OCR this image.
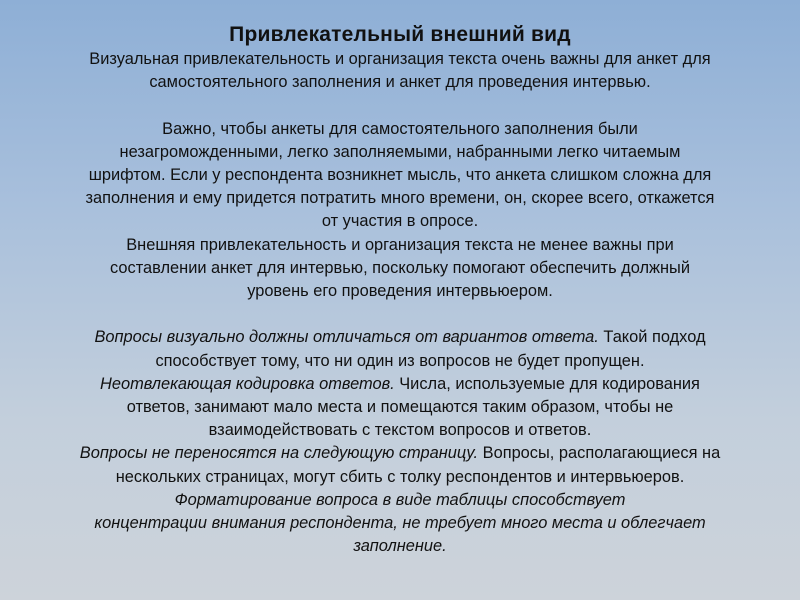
Привлекательный внешний вид
Визуальная привлекательность и организация текста очень важны для анкет для
самостоятельного заполнения и анкет для проведения интервью.
Важно, чтобы анкеты для самостоятельного заполнения были
незагроможденными, легко заполняемыми, набранными легко читаемым
шрифтом. Если у респондента возникнет мысль, что анкета слишком сложна для
заполнения и ему придется потратить много времени, он, скорее всего, откажется
от участия в опросе.
Внешняя привлекательность и организация текста не менее важны при
составлении анкет для интервью, поскольку помогают обеспечить должный
уровень его проведения интервьюером.
Вопросы визуально должны отличаться от вариантов ответа. Такой подход
способствует тому, что ни один из вопросов не будет пропущен.
Неотвлекающая кодировка ответов. Числа, используемые для кодирования
ответов, занимают мало места и помещаются таким образом, чтобы не
взаимодействовать с текстом вопросов и ответов.
Вопросы не переносятся на следующую страницу. Вопросы, располагающиеся на
нескольких страницах, могут сбить с толку респондентов и интервьюеров.
Форматирование вопроса в виде таблицы способствует
концентрации внимания респондента, не требует много места и облегчает
заполнение.
